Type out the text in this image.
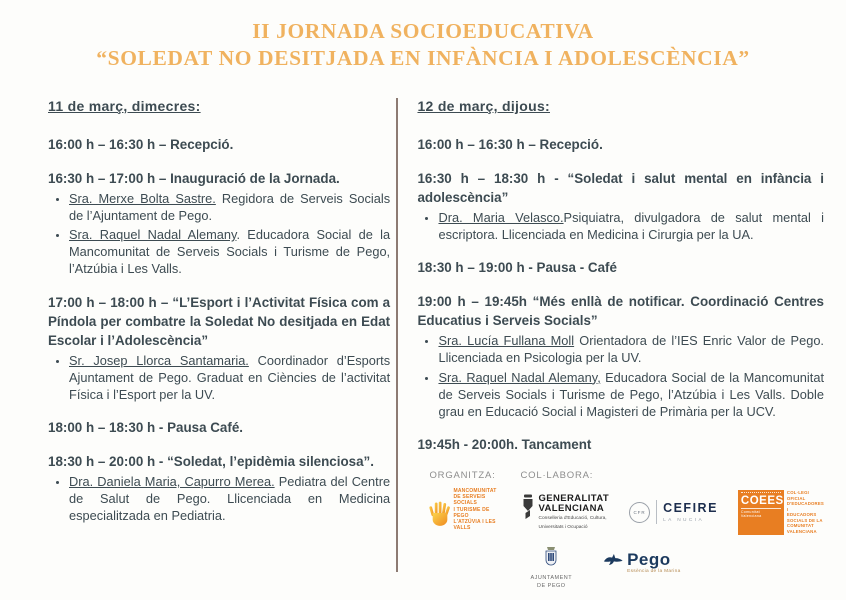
II JORNADA SOCIOEDUCATIVA
“SOLEDAT NO DESITJADA EN INFÀNCIA I ADOLESCÈNCIA”
11 de març, dimecres:

16:00 h – 16:30 h – Recepció.

16:30 h – 17:00 h – Inauguració de la Jornada.

• Sra. Merxe Bolta Sastre. Regidora de Serveis Socials de l’Ajuntament de Pego.
• Sra. Raquel Nadal Alemany. Educadora Social de la Mancomunitat de Serveis Socials i Turisme de Pego, l’Atzúbia i Les Valls.

17:00 h – 18:00 h – “L’Esport i l’Activitat Física com a Píndola per combatre la Soledat No desitjada en Edat Escolar i l’Adolescència”

• Sr. Josep Llorca Santamaria. Coordinador d’Esports Ajuntament de Pego. Graduat en Ciències de l’activitat Física i l’Esport per la UV.

18:00 h – 18:30 h - Pausa Café.

18:30 h – 20:00 h - “Soledat, l’epidèmia silenciosa”.

• Dra. Daniela Maria, Capurro Merea. Pediatra del Centre de Salut de Pego. Llicenciada en Medicina especialitzada en Pediatria.
12 de març, dijous:

16:00 h – 16:30 h – Recepció.

16:30 h – 18:30 h - “Soledat i salut mental en infància i adolescència”

• Dra. Maria Velasco.Psiquiatra, divulgadora de salut mental i escriptora. Llicenciada en Medicina i Cirurgia per la UA.

18:30 h – 19:00 h - Pausa - Café

19:00 h – 19:45h “Més enllà de notificar. Coordinació Centres Educatius i Serveis Socials”

• Sra. Lucía Fullana Moll Orientadora de l’IES Enric Valor de Pego. Llicenciada en Psicologia per la UV.
• Sra. Raquel Nadal Alemany, Educadora Social de la Mancomunitat de Serveis Socials i Turisme de Pego, l’Atzúbia i Les Valls. Doble grau en Educació Social i Magisteri de Primària per la UCV.

19:45h - 20:00h. Tancament

ORGANITZA:
MANCOMUNITAT
DE SERVEIS SOCIALS
I TURISME DE PEGO
L'ATZÚVIA I LES VALLS
COL·LABORA:
GENERALITAT
VALENCIANA
Conselleria d'Educació, Cultura,
Universitats i Ocupació
CFR CEFIRE
LA NUCIA
COEES
Comunitat Valenciana
COL·LEGI OFICIAL
D'EDUCADORES I
EDUCADORS
SOCIALS DE LA
COMUNITAT
VALENCIANA
AJUNTAMENT
DE PEGO
Pego
Essència de la Marina
